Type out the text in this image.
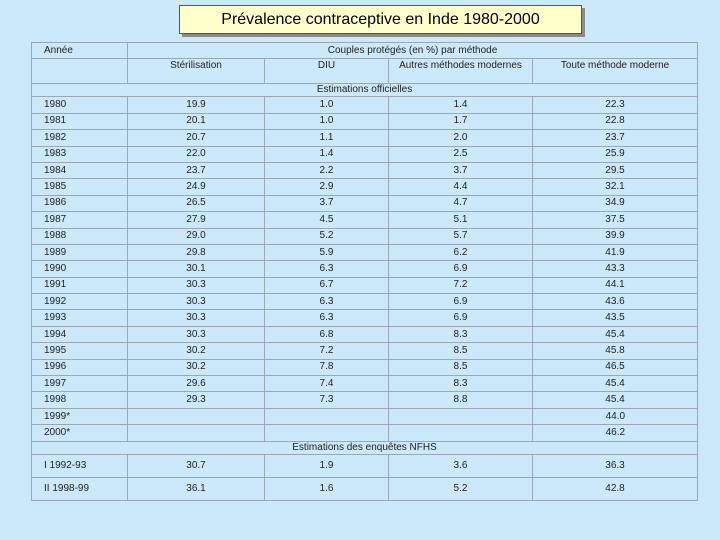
Prévalence contraceptive en Inde 1980-2000
Année	Couples protégés (en %) par méthode			
	Stérilisation	DIU	Autres méthodes modernes	Toute méthode moderne
Estimations officielles				
1980	19.9	1.0	1.4	22.3
1981	20.1	1.0	1.7	22.8
1982	20.7	1.1	2.0	23.7
1983	22.0	1.4	2.5	25.9
1984	23.7	2.2	3.7	29.5
1985	24.9	2.9	4.4	32.1
1986	26.5	3.7	4.7	34.9
1987	27.9	4.5	5.1	37.5
1988	29.0	5.2	5.7	39.9
1989	29.8	5.9	6.2	41.9
1990	30.1	6.3	6.9	43.3
1991	30.3	6.7	7.2	44.1
1992	30.3	6.3	6.9	43.6
1993	30.3	6.3	6.9	43.5
1994	30.3	6.8	8.3	45.4
1995	30.2	7.2	8.5	45.8
1996	30.2	7.8	8.5	46.5
1997	29.6	7.4	8.3	45.4
1998	29.3	7.3	8.8	45.4
1999*				44.0
2000*				46.2
Estimations des enquêtes NFHS				
I 1992-93	30.7	1.9	3.6	36.3
II 1998-99	36.1	1.6	5.2	42.8
